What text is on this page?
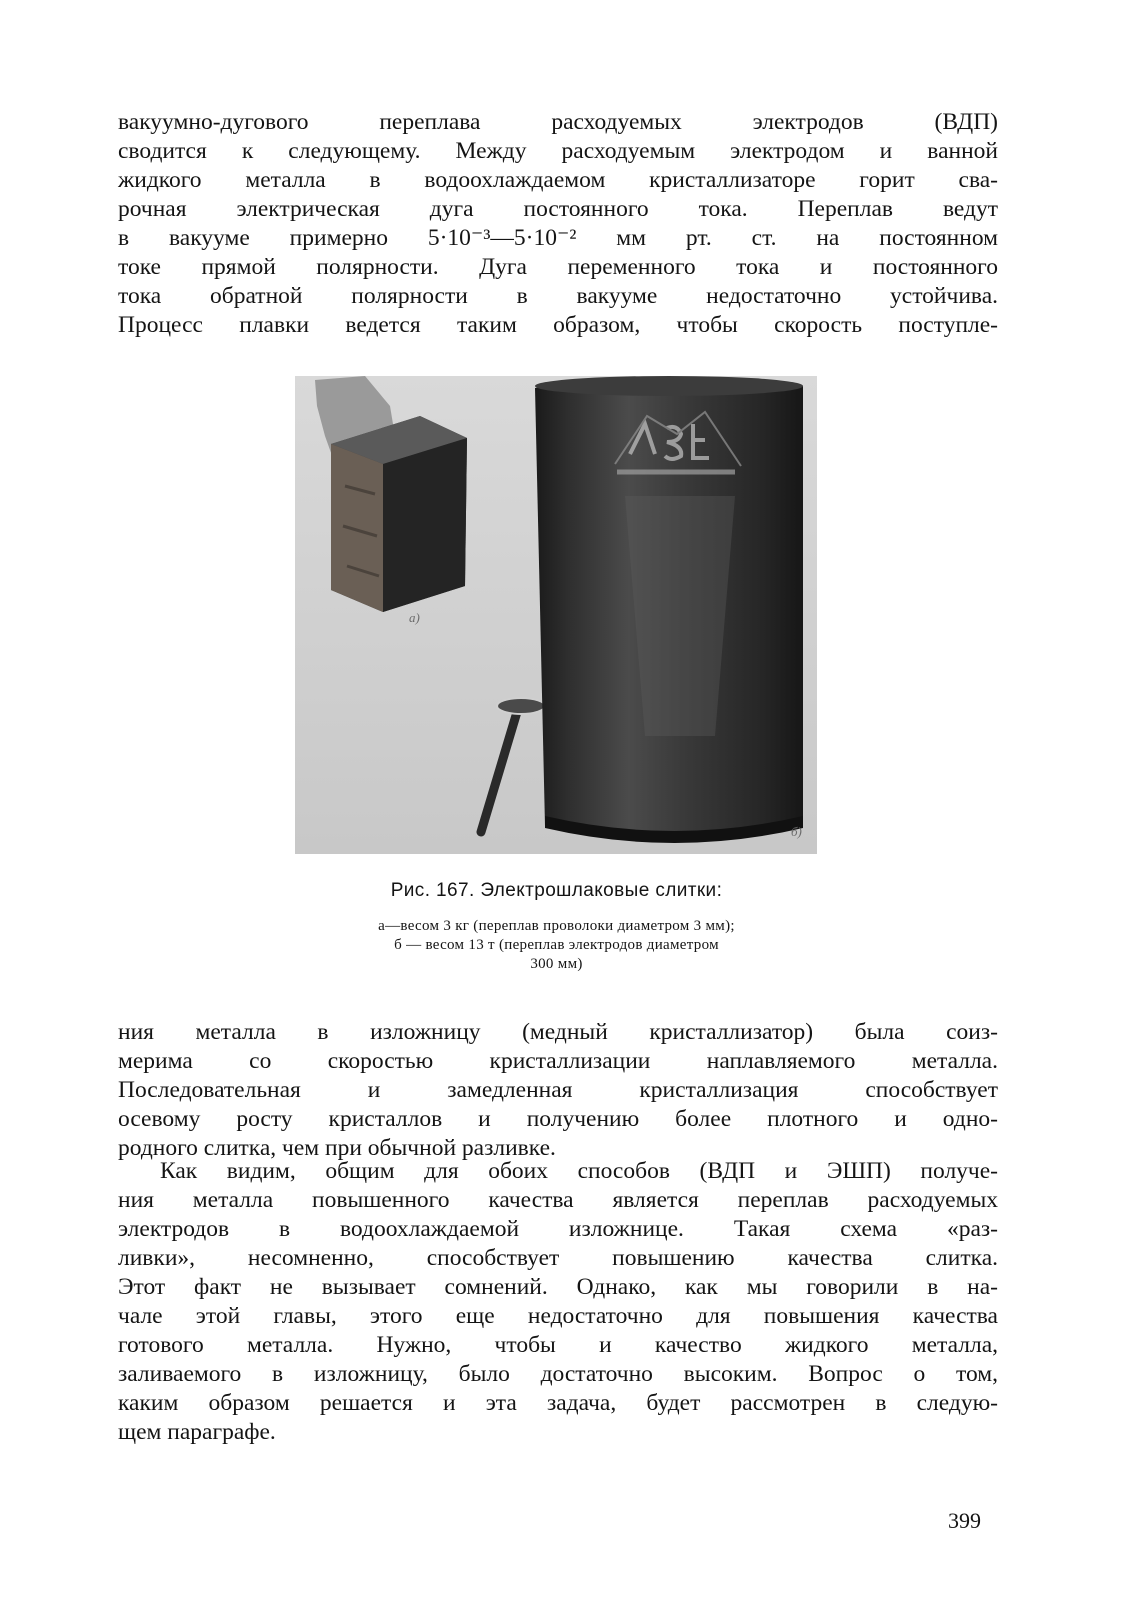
вакуумно-дугового переплава расходуемых электродов (ВДП)
сводится к следующему. Между расходуемым электродом и ванной
жидкого металла в водоохлаждаемом кристаллизаторе горит сва-
рочная электрическая дуга постоянного тока. Переплав ведут
в вакууме примерно 5·10⁻³—5·10⁻² мм рт. ст. на постоянном
токе прямой полярности. Дуга переменного тока и постоянного
тока обратной полярности в вакууме недостаточно устойчива.
Процесс плавки ведется таким образом, чтобы скорость поступле-
а)
б)

Рис. 167. Электрошлаковые слитки:

а—весом 3 кг (переплав проволоки диаметром 3 мм);
б — весом 13 т (переплав электродов диаметром
300 мм)
ния металла в изложницу (медный кристаллизатор) была соиз-
мерима со скоростью кристаллизации наплавляемого металла.
Последовательная и замедленная кристаллизация способствует
осевому росту кристаллов и получению более плотного и одно-
родного слитка, чем при обычной разливке.
Как видим, общим для обоих способов (ВДП и ЭШП) получе-
ния металла повышенного качества является переплав расходуемых
электродов в водоохлаждаемой изложнице. Такая схема «раз-
ливки», несомненно, способствует повышению качества слитка.
Этот факт не вызывает сомнений. Однако, как мы говорили в на-
чале этой главы, этого еще недостаточно для повышения качества
готового металла. Нужно, чтобы и качество жидкого металла,
заливаемого в изложницу, было достаточно высоким. Вопрос о том,
каким образом решается и эта задача, будет рассмотрен в следую-
щем параграфе.
399
